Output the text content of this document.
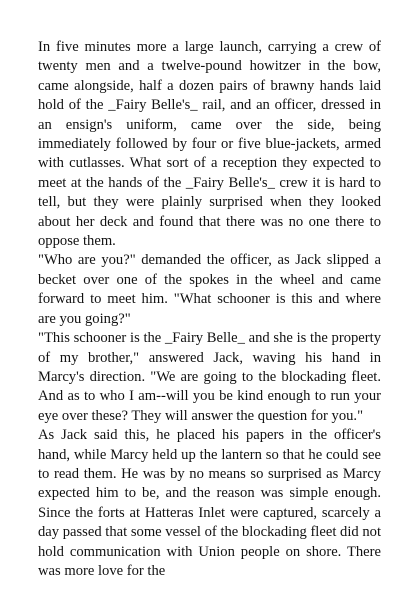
In five minutes more a large launch, carrying a crew of twenty men and a twelve-pound howitzer in the bow, came alongside, half a dozen pairs of brawny hands laid hold of the _Fairy Belle's_ rail, and an officer, dressed in an ensign's uniform, came over the side, being immediately followed by four or five blue-jackets, armed with cutlasses. What sort of a reception they expected to meet at the hands of the _Fairy Belle's_ crew it is hard to tell, but they were plainly surprised when they looked about her deck and found that there was no one there to oppose them.

"Who are you?" demanded the officer, as Jack slipped a becket over one of the spokes in the wheel and came forward to meet him. "What schooner is this and where are you going?"

"This schooner is the _Fairy Belle_ and she is the property of my brother," answered Jack, waving his hand in Marcy's direction. "We are going to the blockading fleet. And as to who I am--will you be kind enough to run your eye over these? They will answer the question for you."

As Jack said this, he placed his papers in the officer's hand, while Marcy held up the lantern so that he could see to read them. He was by no means so surprised as Marcy expected him to be, and the reason was simple enough. Since the forts at Hatteras Inlet were captured, scarcely a day passed that some vessel of the blockading fleet did not hold communication with Union people on shore. There was more love for the
